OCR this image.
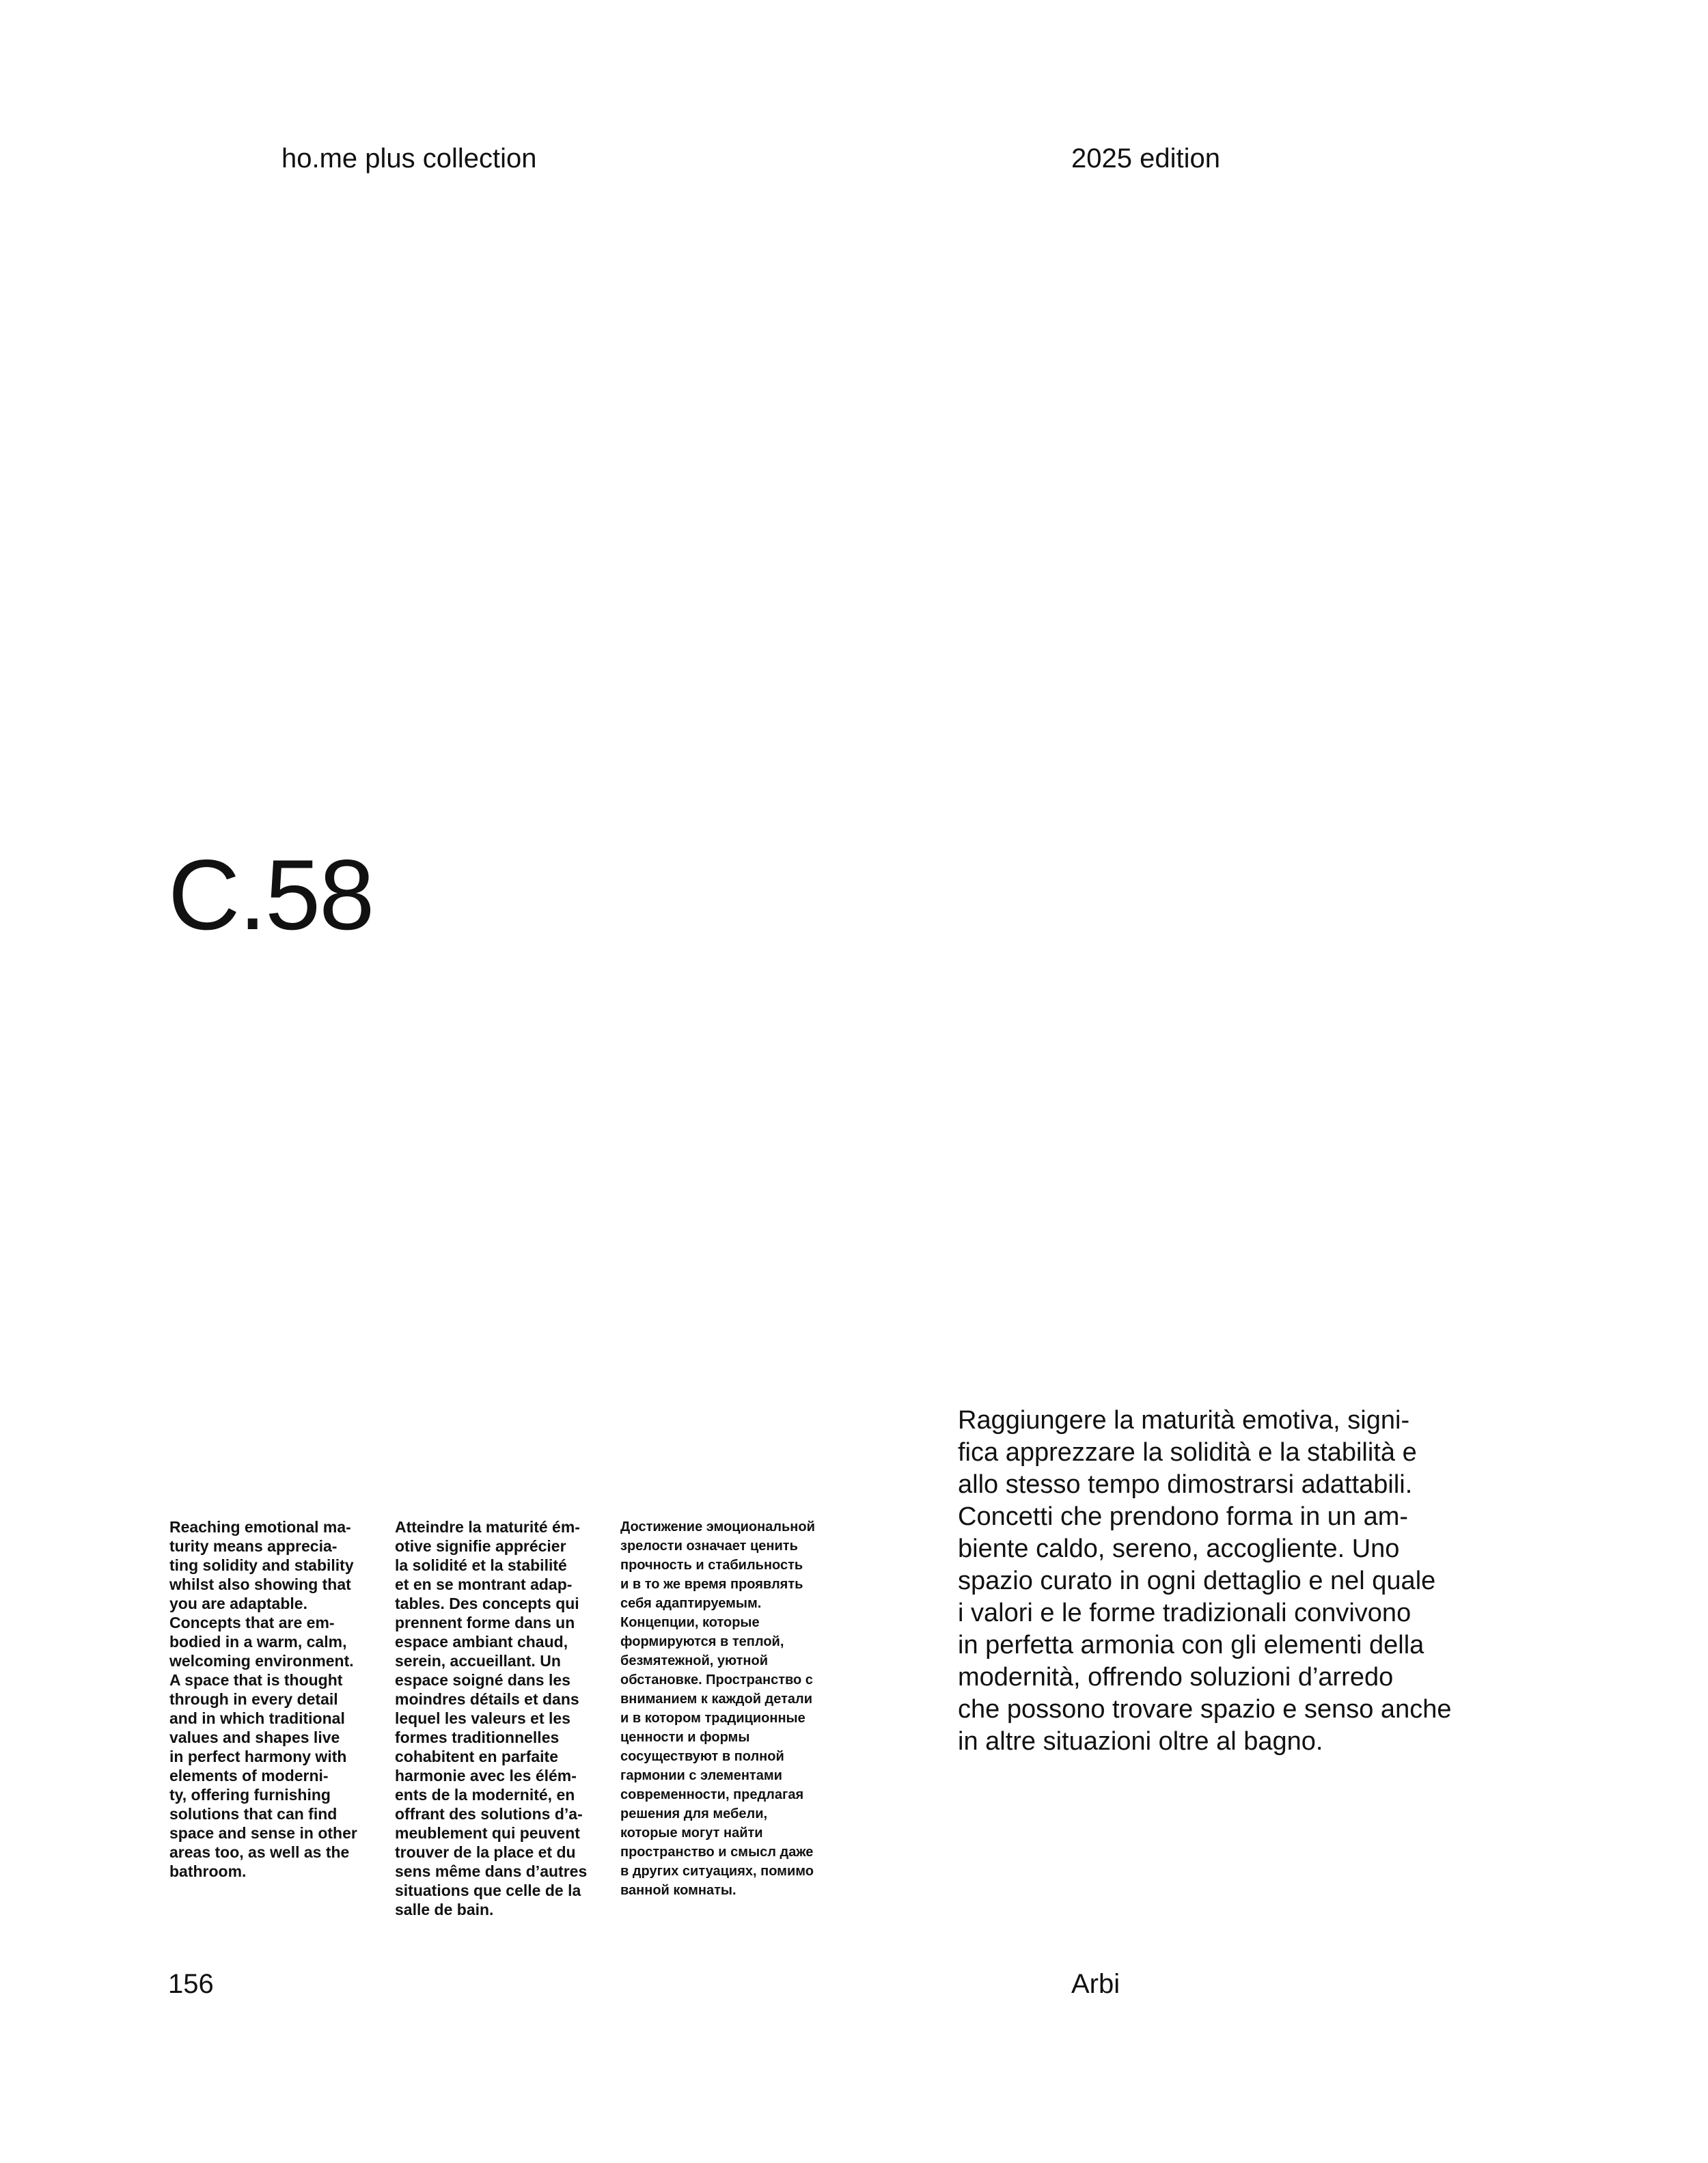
ho.me plus collection	2025 edition
C.58

Reaching emotional ma-
turity means apprecia-
ting solidity and stability
whilst also showing that
you are adaptable.
Concepts that are em-
bodied in a warm, calm,
welcoming environment.
A space that is thought
through in every detail
and in which traditional
values and shapes live
in perfect harmony with
elements of moderni-
ty, offering furnishing
solutions that can find
space and sense in other
areas too, as well as the
bathroom.

Atteindre la maturité ém-
otive signifie apprécier
la solidité et la stabilité
et en se montrant adap-
tables. Des concepts qui
prennent forme dans un
espace ambiant chaud,
serein, accueillant. Un
espace soigné dans les
moindres détails et dans
lequel les valeurs et les
formes traditionnelles
cohabitent en parfaite
harmonie avec les élém-
ents de la modernité, en
offrant des solutions d’a-
meublement qui peuvent
trouver de la place et du
sens même dans d’autres
situations que celle de la
salle de bain.

Достижение эмоциональной
зрелости означает ценить
прочность и стабильность
и в то же время проявлять
себя адаптируемым.
Концепции, которые
формируются в теплой,
безмятежной, уютной
обстановке. Пространство с
вниманием к каждой детали
и в котором традиционные
ценности и формы
сосуществуют в полной
гармонии с элементами
современности, предлагая
решения для мебели,
которые могут найти
пространство и смысл даже
в других ситуациях, помимо
ванной комнаты.

Raggiungere la maturità emotiva, signi-
fica apprezzare la solidità e la stabilità e
allo stesso tempo dimostrarsi adattabili.
Concetti che prendono forma in un am-
biente caldo, sereno, accogliente. Uno
spazio curato in ogni dettaglio e nel quale
i valori e le forme tradizionali convivono
in perfetta armonia con gli elementi della
modernità, offrendo soluzioni d’arredo
che possono trovare spazio e senso anche
in altre situazioni oltre al bagno.

156	Arbi
